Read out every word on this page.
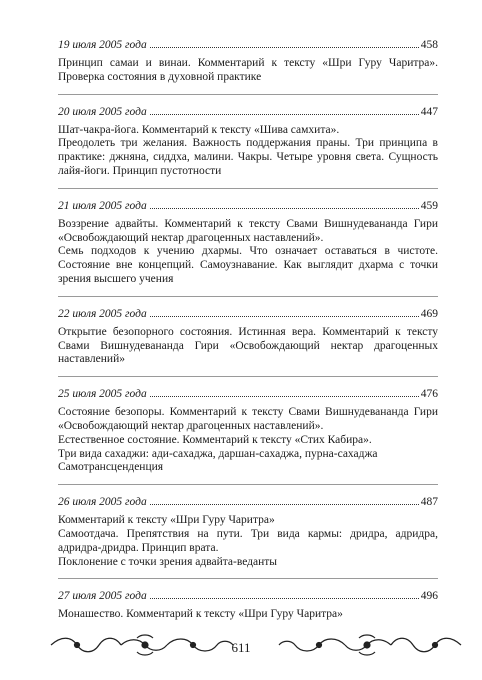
19 июля 2005 года	458

Принцип самаи и винаи. Комментарий к тексту «Шри Гуру Чаритра». Проверка состояния в духовной практике

20 июля 2005 года	447

Шат-чакра-йога. Комментарий к тексту «Шива самхита».

Преодолеть три желания. Важность поддержания праны. Три принципа в практике: джняна, сиддха, малини. Чакры. Четыре уровня света. Сущность лайя-йоги. Принцип пустотности

21 июля 2005 года	459

Воззрение адвайты. Комментарий к тексту Свами Вишнудевананда Гири «Освобождающий нектар драгоценных наставлений».

Семь подходов к учению дхармы. Что означает оставаться в чистоте. Состояние вне концепций. Самоузнавание. Как выглядит дхарма с точки зрения высшего учения

22 июля 2005 года	469

Открытие безопорного состояния. Истинная вера. Комментарий к тексту Свами Вишнудевананда Гири «Освобождающий нектар драгоценных наставлений»

25 июля 2005 года	476

Состояние безопоры. Комментарий к тексту Свами Вишнудевананда Гири «Освобождающий нектар драгоценных наставлений».

Естественное состояние. Комментарий к тексту «Стих Кабира».

Три вида сахаджи: ади-сахаджа, даршан-сахаджа, пурна-сахаджа

Самотрансценденция

26 июля 2005 года	487

Комментарий к тексту «Шри Гуру Чаритра»

Самоотдача. Препятствия на пути. Три вида кармы: дридра, адридра, адридра-дридра. Принцип врата.

Поклонение с точки зрения адвайта-веданты

27 июля 2005 года	496

Монашество. Комментарий к тексту «Шри Гуру Чаритра»

611
